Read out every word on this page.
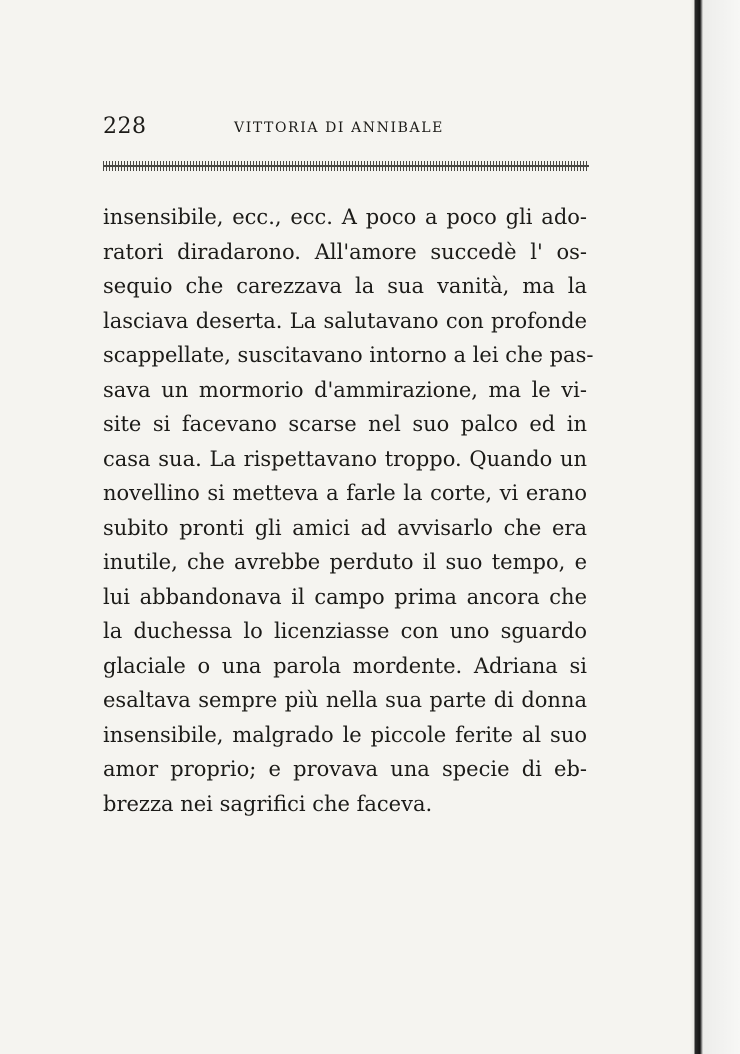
228	VITTORIA DI ANNIBALE
insensibile, ecc., ecc. A poco a poco gli ado-
ratori diradarono. All'amore succedè l' os-
sequio che carezzava la sua vanità, ma la
lasciava deserta. La salutavano con profonde
scappellate, suscitavano intorno a lei che pas-
sava un mormorio d'ammirazione, ma le vi-
site si facevano scarse nel suo palco ed in
casa sua. La rispettavano troppo. Quando un
novellino si metteva a farle la corte, vi erano
subito pronti gli amici ad avvisarlo che era
inutile, che avrebbe perduto il suo tempo, e
lui abbandonava il campo prima ancora che
la duchessa lo licenziasse con uno sguardo
glaciale o una parola mordente. Adriana si
esaltava sempre più nella sua parte di donna
insensibile, malgrado le piccole ferite al suo
amor proprio; e provava una specie di eb-
brezza nei sagrifici che faceva.
